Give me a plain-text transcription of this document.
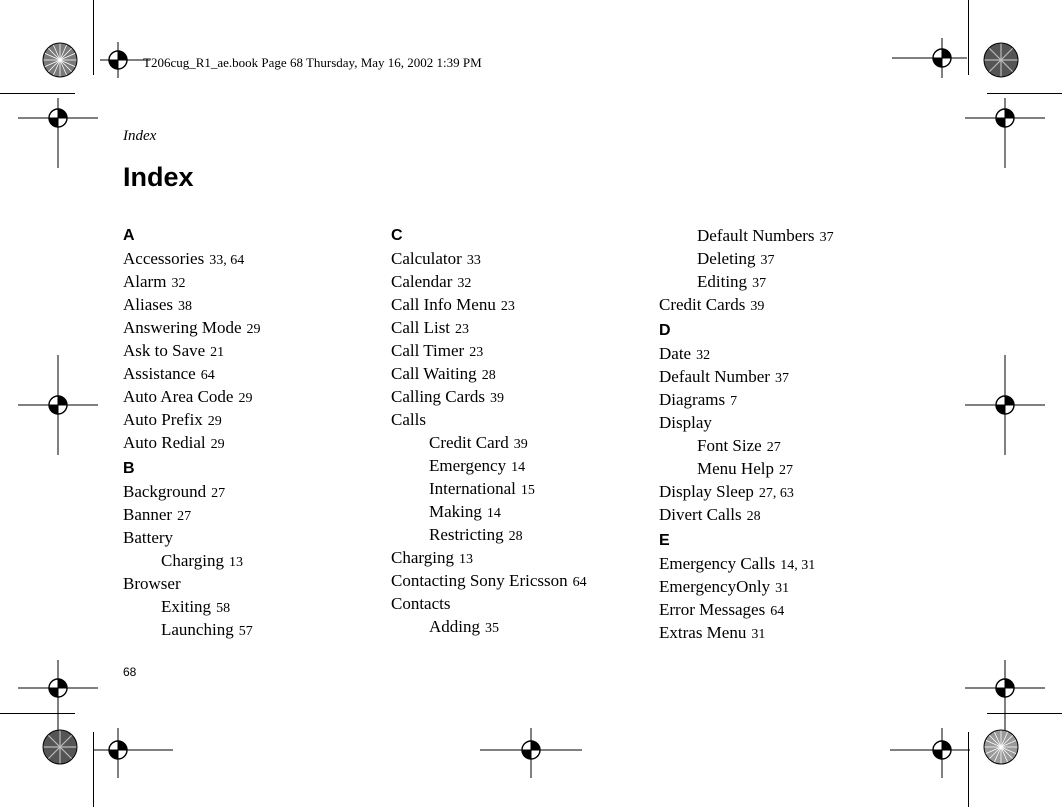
T206cug_R1_ae.book Page 68 Thursday, May 16, 2002 1:39 PM
Index
Index
A
Accessories 33, 64
Alarm 32
Aliases 38
Answering Mode 29
Ask to Save 21
Assistance 64
Auto Area Code 29
Auto Prefix 29
Auto Redial 29
B
Background 27
Banner 27
Battery
Charging 13
Browser
Exiting 58
Launching 57
C
Calculator 33
Calendar 32
Call Info Menu 23
Call List 23
Call Timer 23
Call Waiting 28
Calling Cards 39
Calls
Credit Card 39
Emergency 14
International 15
Making 14
Restricting 28
Charging 13
Contacting Sony Ericsson 64
Contacts
Adding 35
Default Numbers 37
Deleting 37
Editing 37
Credit Cards 39
D
Date 32
Default Number 37
Diagrams 7
Display
Font Size 27
Menu Help 27
Display Sleep 27, 63
Divert Calls 28
E
Emergency Calls 14, 31
EmergencyOnly 31
Error Messages 64
Extras Menu 31
68
